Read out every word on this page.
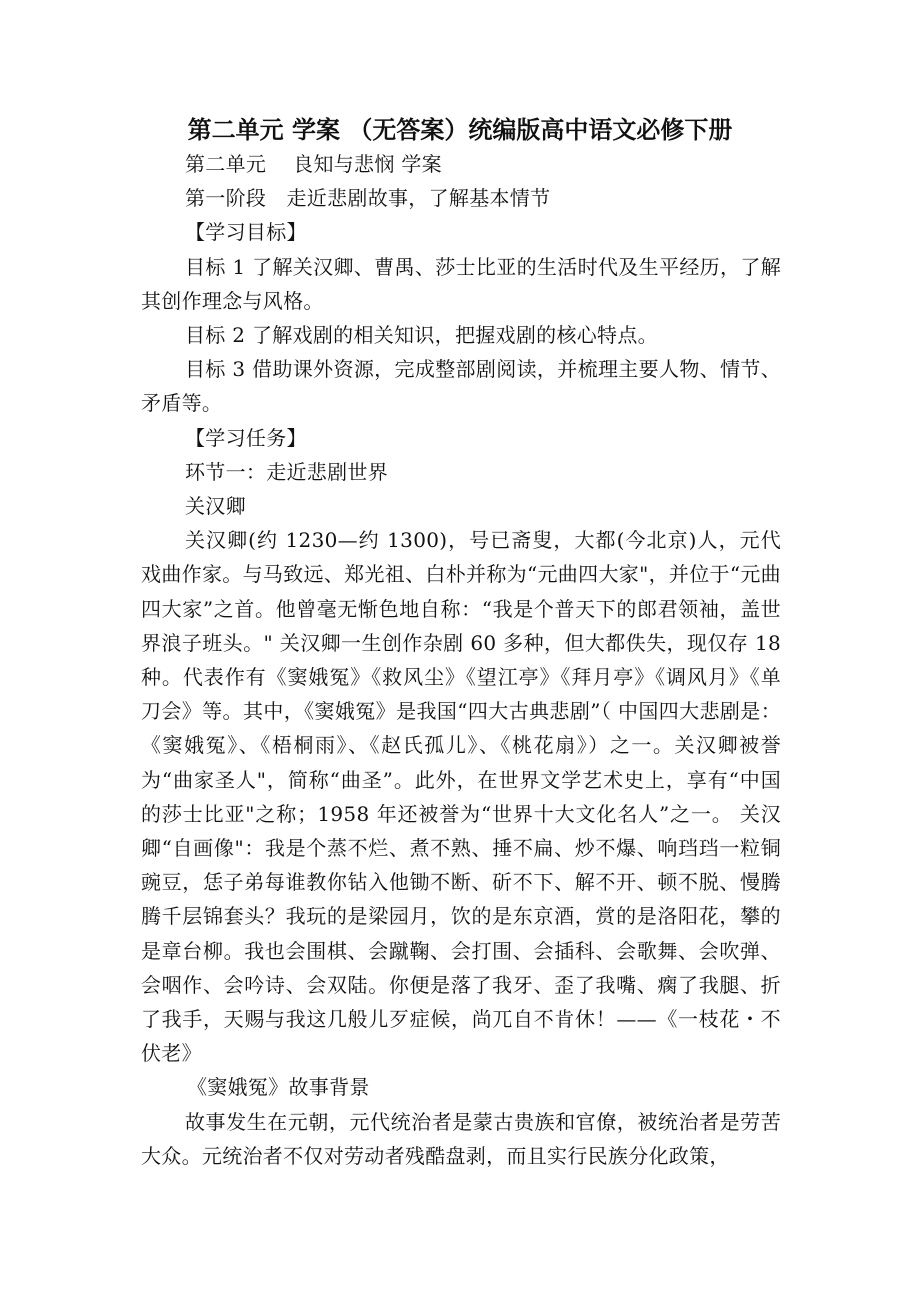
第二单元 学案 （无答案）统编版高中语文必修下册

第二单元　 良知与悲悯 学案

第一阶段　走近悲剧故事，了解基本情节

【学习目标】

目标 1 了解关汉卿、曹禺、莎士比亚的生活时代及生平经历，了解其创作理念与风格。

目标 2 了解戏剧的相关知识，把握戏剧的核心特点。

目标 3 借助课外资源，完成整部剧阅读，并梳理主要人物、情节、矛盾等。

【学习任务】

环节一：走近悲剧世界

关汉卿

关汉卿(约 1230—约 1300)，号已斋叟，大都(今北京)人，元代戏曲作家。与马致远、郑光祖、白朴并称为“元曲四大家"，并位于“元曲四大家”之首。他曾毫无惭色地自称：“我是个普天下的郎君领袖，盖世界浪子班头。" 关汉卿一生创作杂剧 60 多种，但大都佚失，现仅存 18 种。代表作有《窦娥冤》《救风尘》《望江亭》《拜月亭》《调风月》《单刀会》等。其中，《窦娥冤》是我国“四大古典悲剧”（ 中国四大悲剧是：《窦娥冤》、《梧桐雨》、《赵氏孤儿》、《桃花扇》）之一。关汉卿被誉为“曲家圣人"，简称“曲圣”。此外，在世界文学艺术史上，享有“中国的莎士比亚"之称；1958 年还被誉为“世界十大文化名人”之一。 关汉卿“自画像"：我是个蒸不烂、煮不熟、捶不扁、炒不爆、响珰珰一粒铜豌豆，恁子弟每谁教你钻入他锄不断、斫不下、解不开、顿不脱、慢腾腾千层锦套头？我玩的是梁园月，饮的是东京酒，赏的是洛阳花，攀的是章台柳。我也会围棋、会蹴鞠、会打围、会插科、会歌舞、会吹弹、会咽作、会吟诗、会双陆。你便是落了我牙、歪了我嘴、瘸了我腿、折了我手，天赐与我这几般儿歹症候，尚兀自不肯休！——《一枝花・不伏老》

《窦娥冤》故事背景

故事发生在元朝，元代统治者是蒙古贵族和官僚，被统治者是劳苦大众。元统治者不仅对劳动者残酷盘剥，而且实行民族分化政策，
